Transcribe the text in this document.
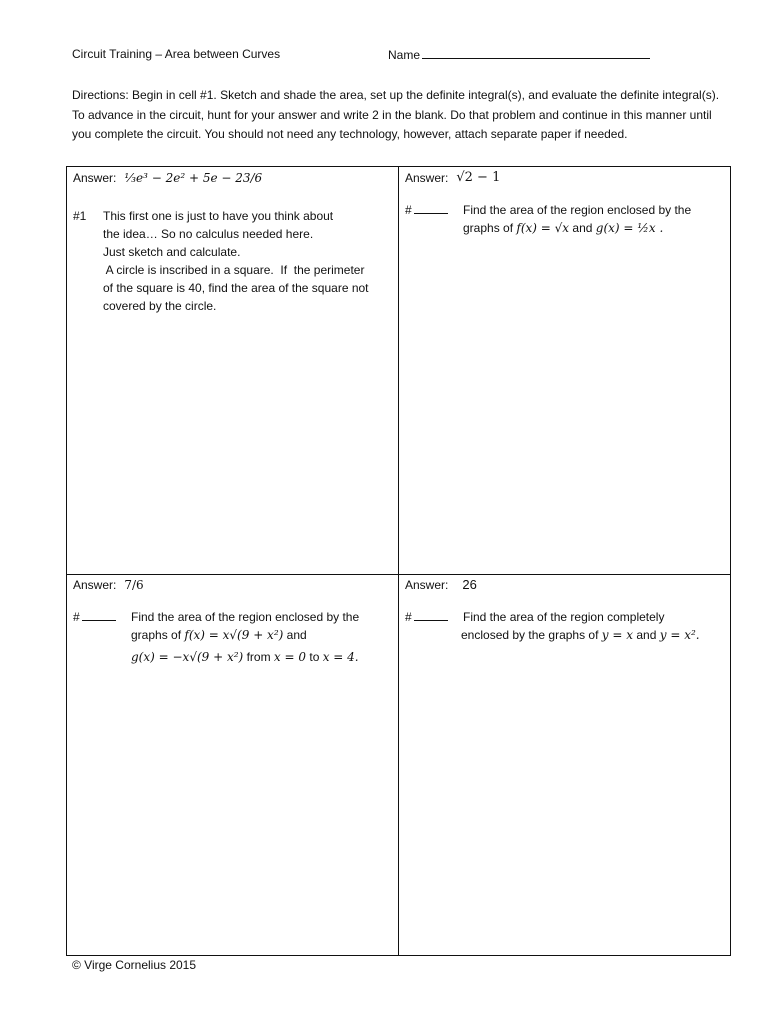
Circuit Training – Area between Curves	Name
Directions: Begin in cell #1. Sketch and shade the area, set up the definite integral(s), and evaluate the definite integral(s). To advance in the circuit, hunt for your answer and write 2 in the blank. Do that problem and continue in this manner until you complete the circuit. You should not need any technology, however, attach separate paper if needed.
Answer: ⅓e³ − 2e² + 5e − 23/6
#1 This first one is just to have you think about
the idea… So no calculus needed here.
Just sketch and calculate.
A circle is inscribed in a square.  If  the perimeter
of the square is 40, find the area of the square not
covered by the circle.
Answer: √2 − 1
#	Find the area of the region enclosed by the
graphs of f(x) = √x and g(x) = ½x .
Answer: 7/6
#	Find the area of the region enclosed by the
graphs of f(x) = x√(9 + x²) and
g(x) = −x√(9 + x²) from x = 0 to x = 4.
Answer: 26
#	Find the area of the region completely
enclosed by the graphs of y = x and y = x².
© Virge Cornelius 2015
